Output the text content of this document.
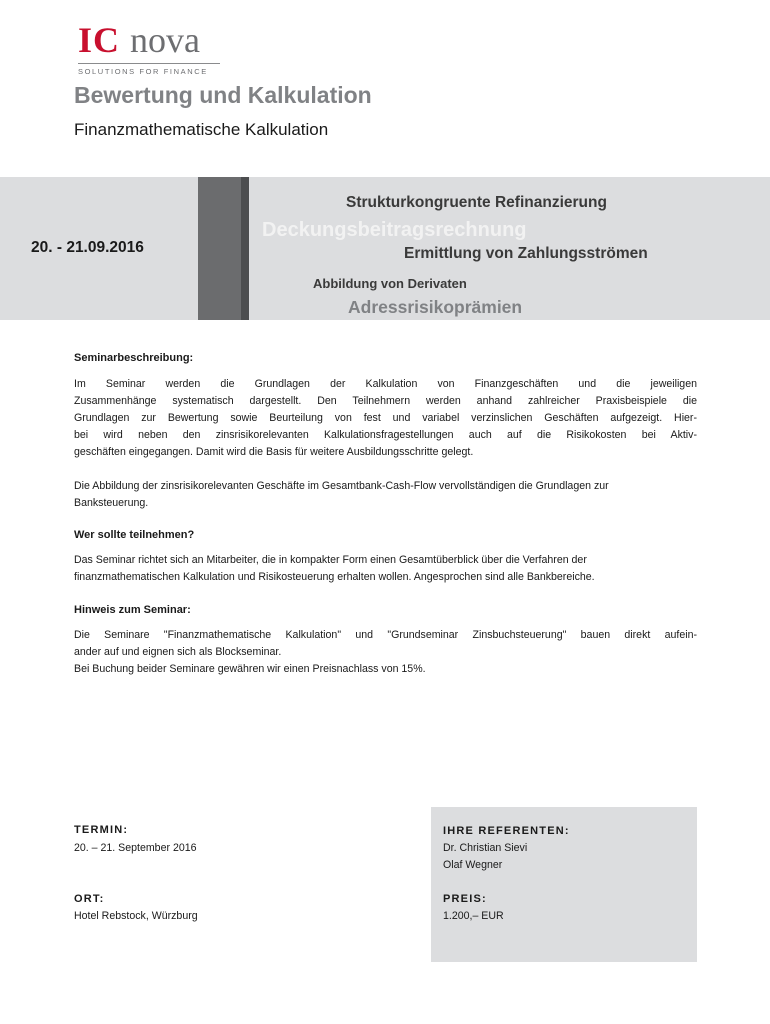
IC nova
SOLUTIONS FOR FINANCE
Bewertung und Kalkulation
Finanzmathematische Kalkulation
20. - 21.09.2016
Strukturkongruente Refinanzierung
Deckungsbeitragsrechnung
Ermittlung von Zahlungsströmen
Abbildung von Derivaten
Adressrisikoprämien
Seminarbeschreibung:
Im Seminar werden die Grundlagen der Kalkulation von Finanzgeschäften und die jeweiligen
Zusammenhänge systematisch dargestellt. Den Teilnehmern werden anhand zahlreicher Praxisbeispiele die
Grundlagen zur Bewertung sowie Beurteilung von fest und variabel verzinslichen Geschäften aufgezeigt. Hier-
bei wird neben den zinsrisikorelevanten Kalkulationsfragestellungen auch auf die Risikokosten bei Aktiv-
geschäften eingegangen. Damit wird die Basis für weitere Ausbildungsschritte gelegt.
Die Abbildung der zinsrisikorelevanten Geschäfte im Gesamtbank-Cash-Flow vervollständigen die Grundlagen zur
Banksteuerung.
Wer sollte teilnehmen?
Das Seminar richtet sich an Mitarbeiter, die in kompakter Form einen Gesamtüberblick über die Verfahren der
finanzmathematischen Kalkulation und Risikosteuerung erhalten wollen. Angesprochen sind alle Bankbereiche.
Hinweis zum Seminar:
Die Seminare "Finanzmathematische Kalkulation" und "Grundseminar Zinsbuchsteuerung" bauen direkt aufein-
ander auf und eignen sich als Blockseminar.
Bei Buchung beider Seminare gewähren wir einen Preisnachlass von 15%.
TERMIN:
20. – 21. September 2016
ORT:
Hotel Rebstock, Würzburg
IHRE REFERENTEN:
Dr. Christian Sievi
Olaf Wegner
PREIS:
1.200,– EUR
